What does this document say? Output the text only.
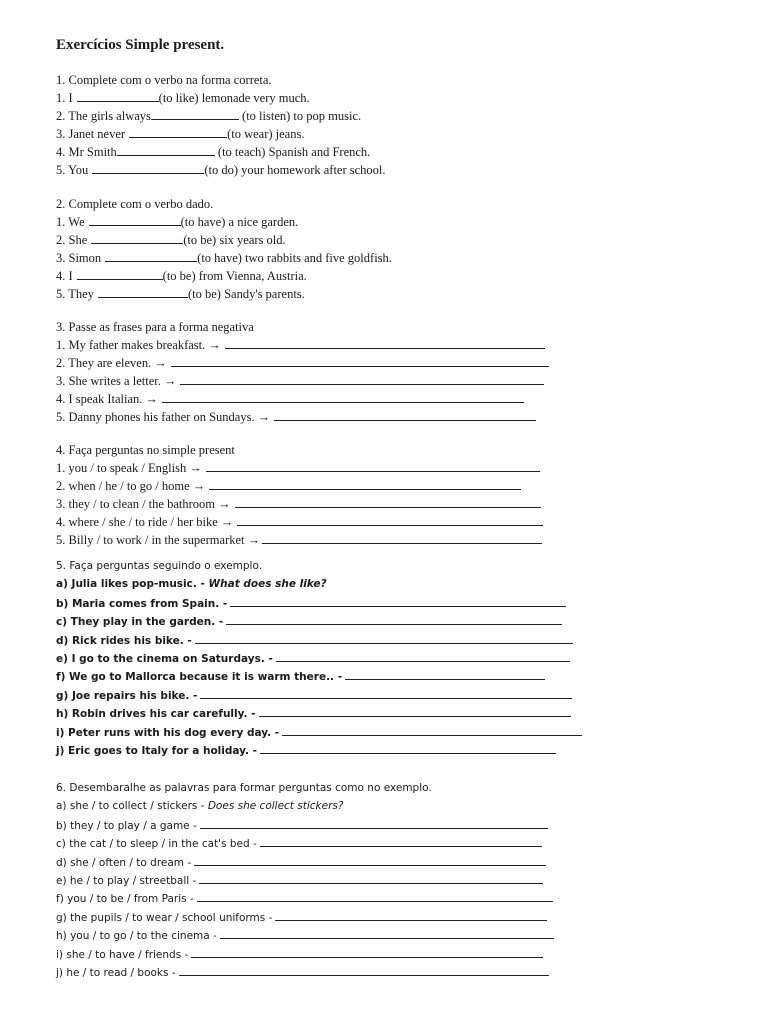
Exercícios Simple present.
1. Complete com o verbo na forma correta.
1. I	(to like) lemonade very much.
2. The girls always	(to listen) to pop music.
3. Janet never	(to wear) jeans.
4. Mr Smith	(to teach) Spanish and French.
5. You	(to do) your homework after school.
2. Complete com o verbo dado.
1. We	(to have) a nice garden.
2. She	(to be) six years old.
3. Simon	(to have) two rabbits and five goldfish.
4. I	(to be) from Vienna, Austria.
5. They	(to be) Sandy's parents.
3. Passe as frases para a forma negativa
1. My father makes breakfast. →
2. They are eleven. →
3. She writes a letter. →
4. I speak Italian. →
5. Danny phones his father on Sundays. →
4. Faça perguntas no simple present
1. you / to speak / English →
2. when / he / to go / home →
3. they / to clean / the bathroom →
4. where / she / to ride / her bike →
5. Billy / to work / in the supermarket →
5. Faça perguntas seguindo o exemplo.
a) Julia likes pop-music. - What does she like?
b) Maria comes from Spain. -
c) They play in the garden. -
d) Rick rides his bike. -
e) I go to the cinema on Saturdays. -
f) We go to Mallorca because it is warm there.. -
g) Joe repairs his bike. -
h) Robin drives his car carefully. -
i) Peter runs with his dog every day. -
j) Eric goes to Italy for a holiday. -
6. Desembaralhe as palavras para formar perguntas como no exemplo.
a) she / to collect / stickers - Does she collect stickers?
b) they / to play / a game -
c) the cat / to sleep / in the cat's bed -
d) she / often / to dream -
e) he / to play / streetball -
f) you / to be / from Paris -
g) the pupils / to wear / school uniforms -
h) you / to go / to the cinema -
i) she / to have / friends -
j) he / to read / books -
